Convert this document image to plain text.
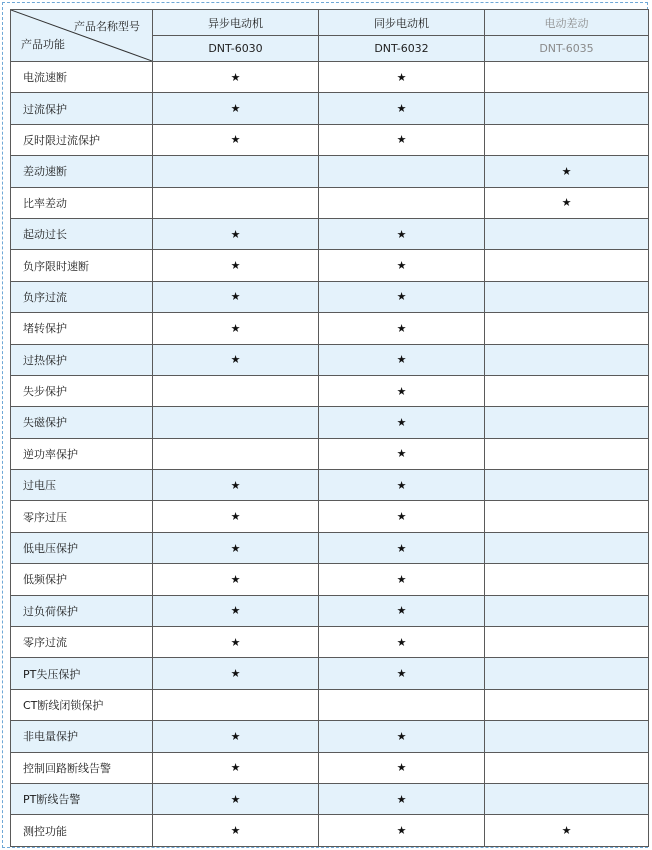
产品名称型号
产品功能	异步电动机	同步电动机	电动差动
	DNT-6030	DNT-6032	DNT-6035
电流速断	★	★	
过流保护	★	★	
反时限过流保护	★	★	
差动速断			★
比率差动			★
起动过长	★	★	
负序限时速断	★	★	
负序过流	★	★	
堵转保护	★	★	
过热保护	★	★	
失步保护		★	
失磁保护		★	
逆功率保护		★	
过电压	★	★	
零序过压	★	★	
低电压保护	★	★	
低频保护	★	★	
过负荷保护	★	★	
零序过流	★	★	
PT失压保护	★	★	
CT断线闭锁保护			
非电量保护	★	★	
控制回路断线告警	★	★	
PT断线告警	★	★	
测控功能	★	★	★
